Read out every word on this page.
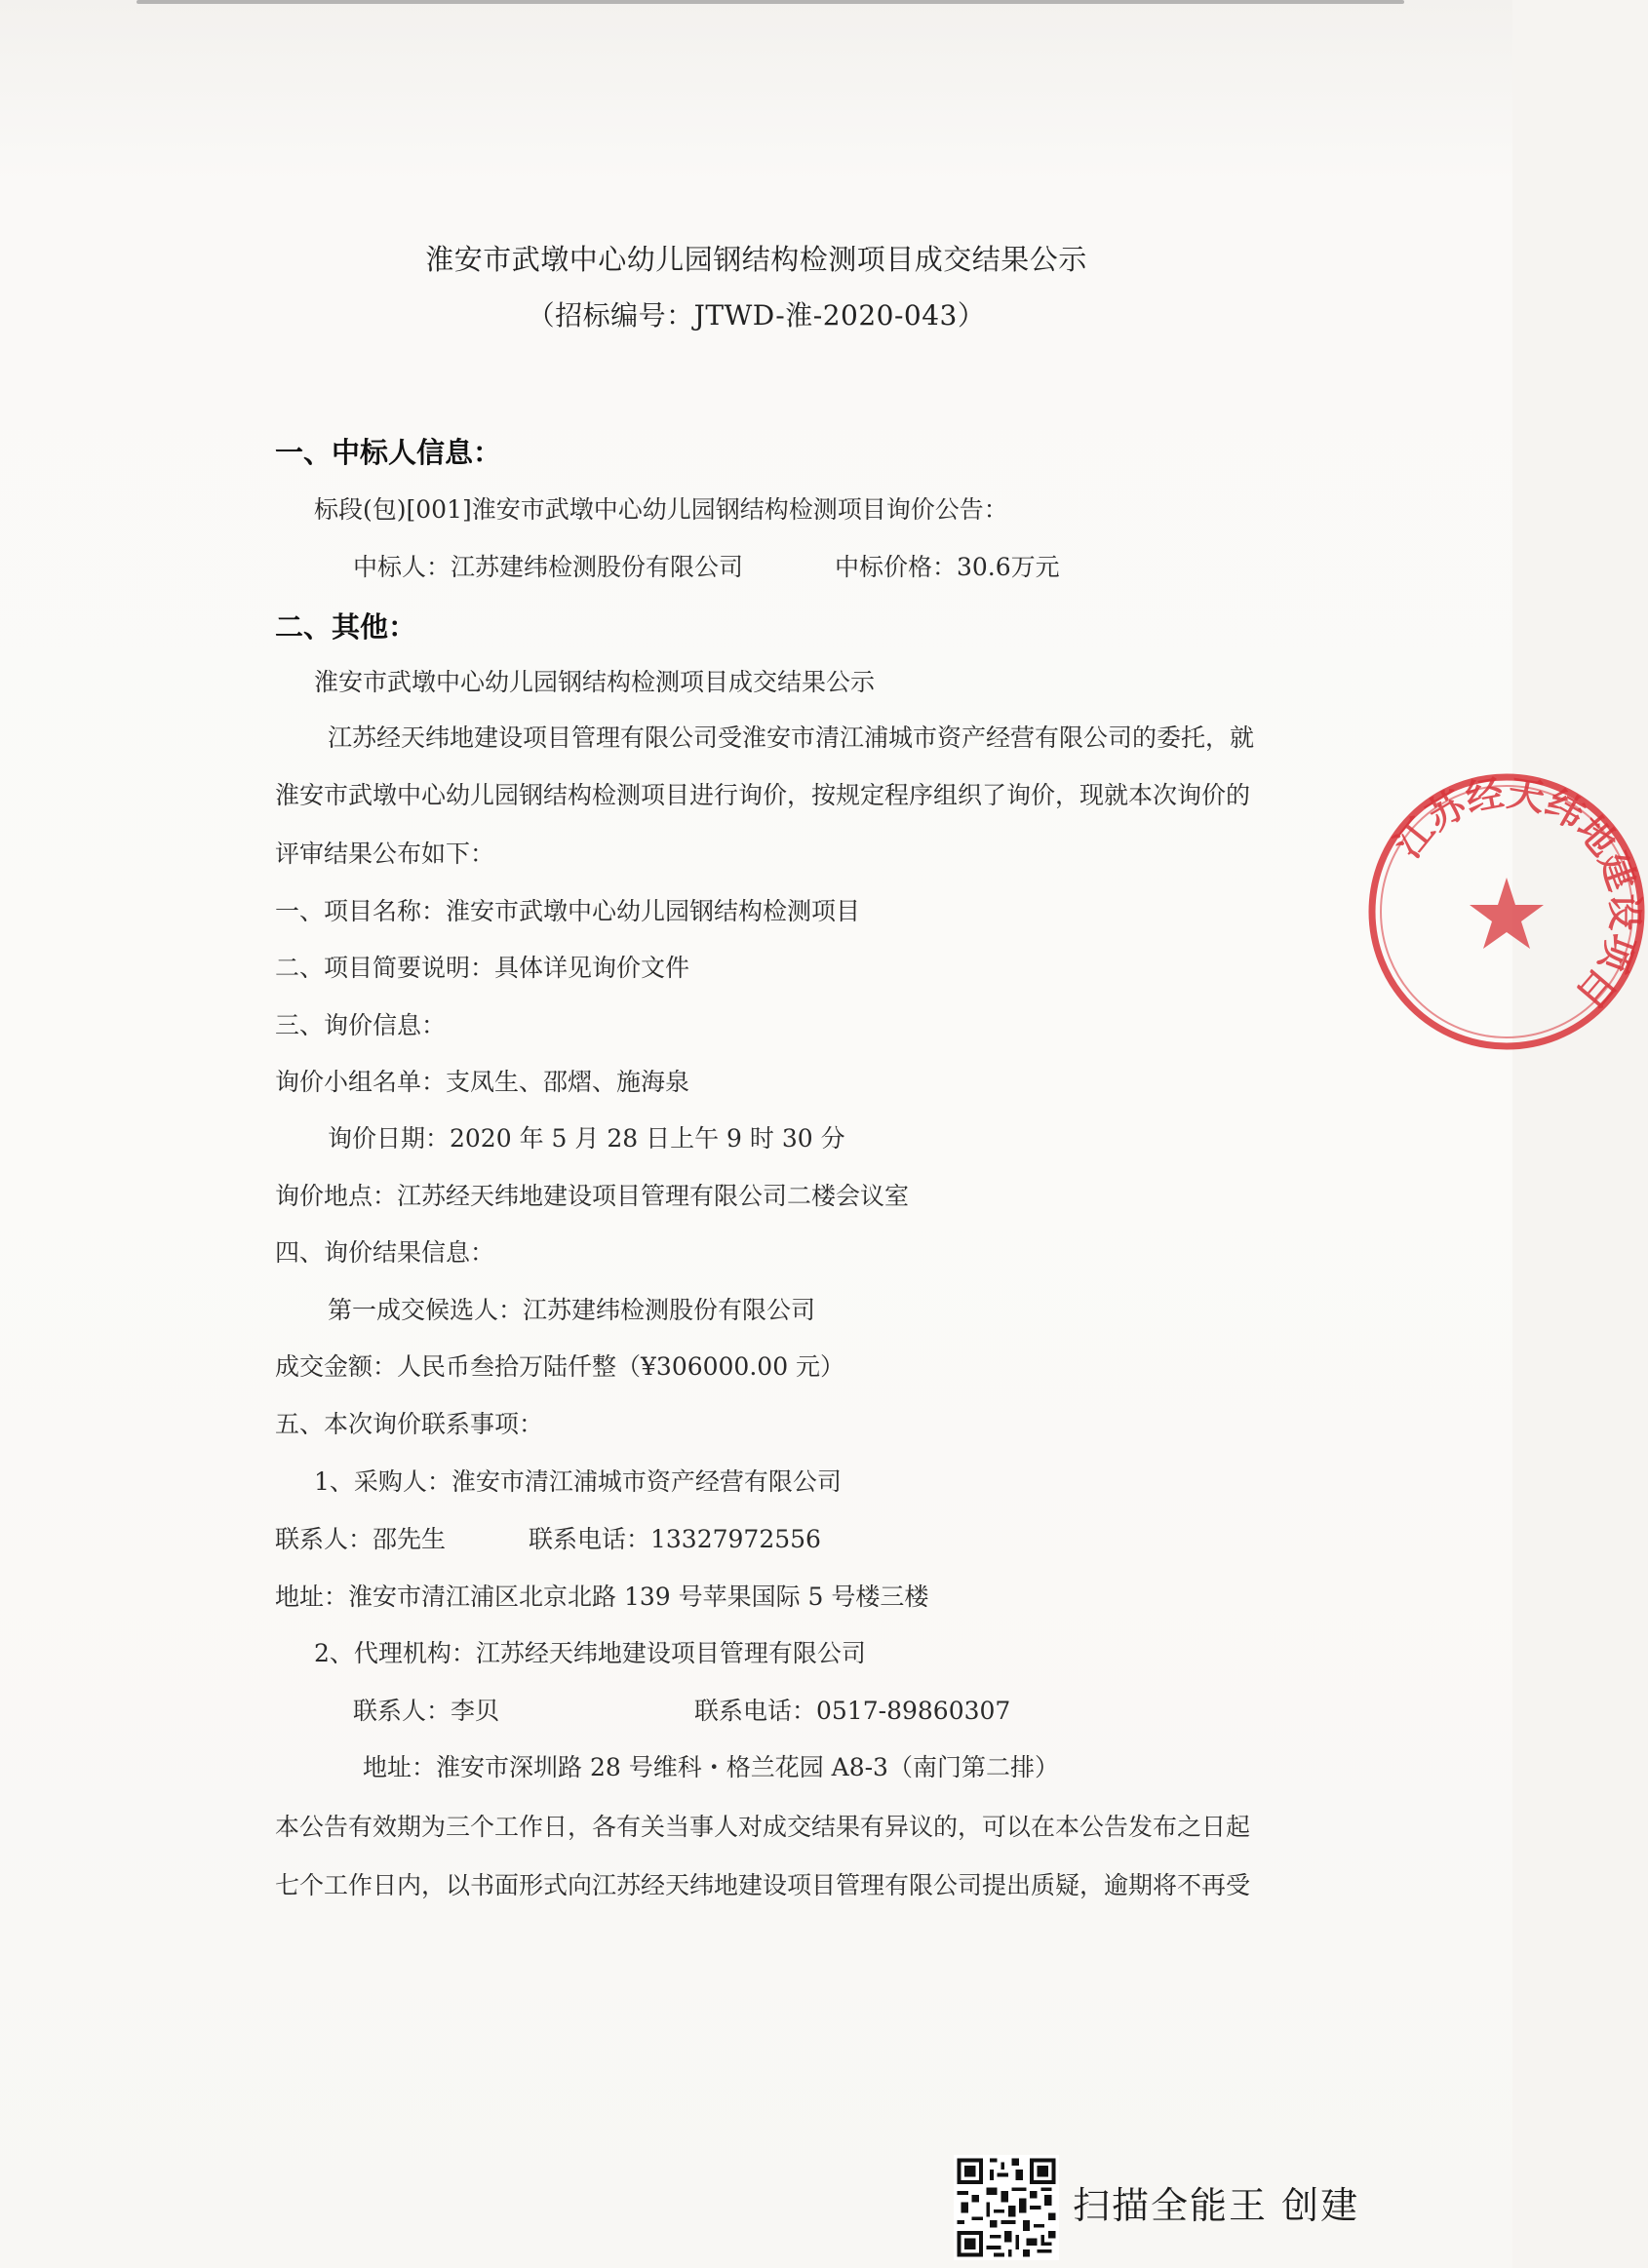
淮安市武墩中心幼儿园钢结构检测项目成交结果公示
（招标编号：JTWD-淮-2020-043）
一、中标人信息：
标段(包)[001]淮安市武墩中心幼儿园钢结构检测项目询价公告：
中标人：江苏建纬检测股份有限公司	中标价格：30.6万元
二、其他：
淮安市武墩中心幼儿园钢结构检测项目成交结果公示
江苏经天纬地建设项目管理有限公司受淮安市清江浦城市资产经营有限公司的委托，就
淮安市武墩中心幼儿园钢结构检测项目进行询价，按规定程序组织了询价，现就本次询价的
评审结果公布如下：
一、项目名称：淮安市武墩中心幼儿园钢结构检测项目
二、项目简要说明：具体详见询价文件
三、询价信息：
询价小组名单：支凤生、邵熠、施海泉
询价日期：2020 年 5 月 28 日上午 9 时 30 分
询价地点：江苏经天纬地建设项目管理有限公司二楼会议室
四、询价结果信息：
第一成交候选人：江苏建纬检测股份有限公司
成交金额：人民币叁拾万陆仟整（¥306000.00 元）
五、本次询价联系事项：
1、采购人：淮安市清江浦城市资产经营有限公司
联系人：邵先生	联系电话：13327972556
地址：淮安市清江浦区北京北路 139 号苹果国际 5 号楼三楼
2、代理机构：江苏经天纬地建设项目管理有限公司
联系人：李贝	联系电话：0517-89860307
地址：淮安市深圳路 28 号维科・格兰花园 A8-3（南门第二排）
本公告有效期为三个工作日，各有关当事人对成交结果有异议的，可以在本公告发布之日起
七个工作日内，以书面形式向江苏经天纬地建设项目管理有限公司提出质疑，逾期将不再受
江苏经天纬地建设项目
扫描全能王 创建
